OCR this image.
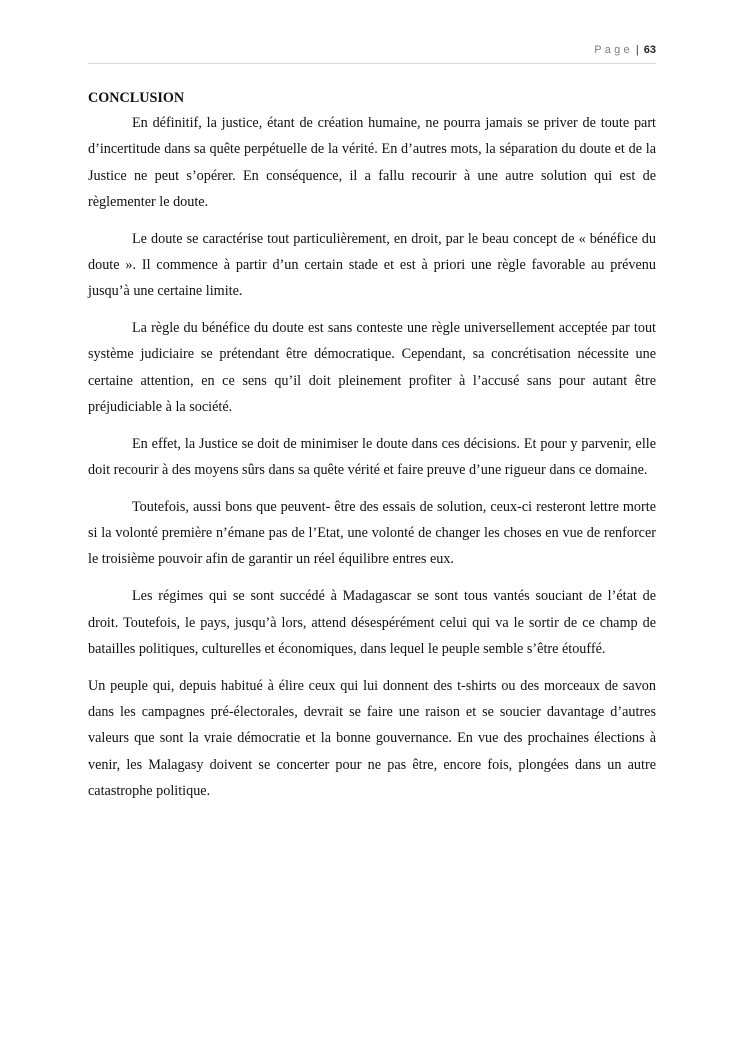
Page | 63
CONCLUSION

En définitif, la justice, étant de création humaine, ne pourra jamais se priver de toute part d’incertitude dans sa quête perpétuelle de la vérité. En d’autres mots, la séparation du doute et de la Justice ne peut s’opérer. En conséquence, il a fallu recourir à une autre solution qui est de règlementer le doute.

Le doute se caractérise tout particulièrement, en droit, par le beau concept de « bénéfice du doute ». Il commence à partir d’un certain stade et est à priori une règle favorable au prévenu jusqu’à une certaine limite.

La règle du bénéfice du doute est sans conteste une règle universellement acceptée par tout système judiciaire se prétendant être démocratique. Cependant, sa concrétisation nécessite une certaine attention, en ce sens qu’il doit pleinement profiter à l’accusé sans pour autant être préjudiciable à la société.

En effet, la Justice se doit de minimiser le doute dans ces décisions. Et pour y parvenir, elle doit recourir à des moyens sûrs dans sa quête vérité et faire preuve d’une rigueur dans ce domaine.

Toutefois, aussi bons que peuvent- être des essais de solution, ceux-ci resteront lettre morte si la volonté première n’émane pas de l’Etat, une volonté de changer les choses en vue de renforcer le troisième pouvoir afin de garantir un réel équilibre entres eux.

Les régimes qui se sont succédé à Madagascar se sont tous vantés souciant de l’état de droit. Toutefois, le pays, jusqu’à lors, attend désespérément celui qui va le sortir de ce champ de batailles politiques, culturelles et économiques, dans lequel le peuple semble s’être étouffé.

Un peuple qui, depuis habitué à élire ceux qui lui donnent des t-shirts ou des morceaux de savon dans les campagnes pré-électorales, devrait se faire une raison et se soucier davantage d’autres valeurs que sont la vraie démocratie et la bonne gouvernance. En vue des prochaines élections à venir, les Malagasy doivent se concerter pour ne pas être, encore fois, plongées dans un autre catastrophe politique.
